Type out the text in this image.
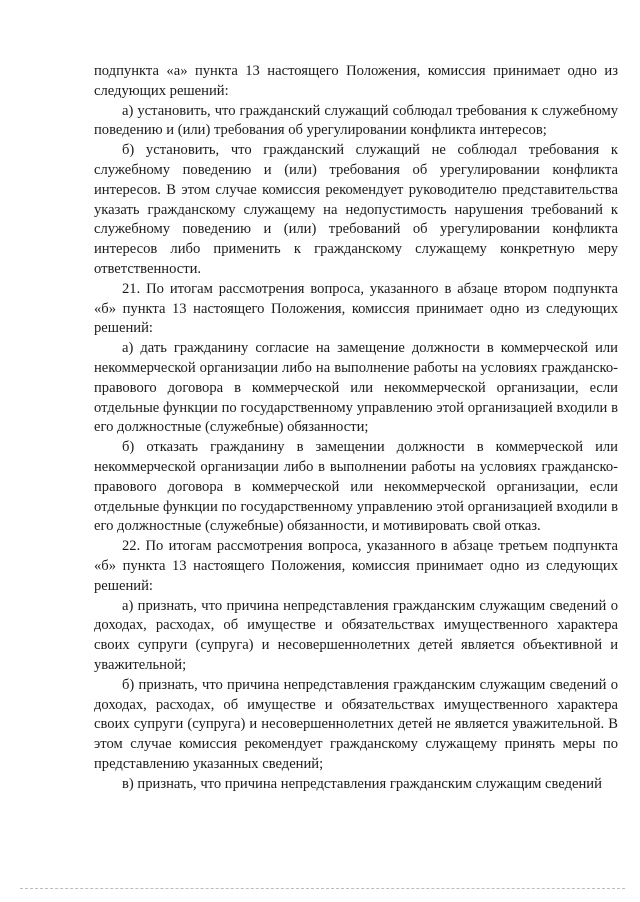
подпункта «а» пункта 13 настоящего Положения, комиссия принимает одно из следующих решений:

а) установить, что гражданский служащий соблюдал требования к служебному поведению и (или) требования об урегулировании конфликта интересов;

б) установить, что гражданский служащий не соблюдал требования к служебному поведению и (или) требования об урегулировании конфликта интересов. В этом случае комиссия рекомендует руководителю представительства указать гражданскому служащему на недопустимость нарушения требований к служебному поведению и (или) требований об урегулировании конфликта интересов либо применить к гражданскому служащему конкретную меру ответственности.

21. По итогам рассмотрения вопроса, указанного в абзаце втором подпункта «б» пункта 13 настоящего Положения, комиссия принимает одно из следующих решений:

а) дать гражданину согласие на замещение должности в коммерческой или некоммерческой организации либо на выполнение работы на условиях гражданско-правового договора в коммерческой или некоммерческой организации, если отдельные функции по государственному управлению этой организацией входили в его должностные (служебные) обязанности;

б) отказать гражданину в замещении должности в коммерческой или некоммерческой организации либо в выполнении работы на условиях гражданско-правового договора в коммерческой или некоммерческой организации, если отдельные функции по государственному управлению этой организацией входили в его должностные (служебные) обязанности, и мотивировать свой отказ.

22. По итогам рассмотрения вопроса, указанного в абзаце третьем подпункта «б» пункта 13 настоящего Положения, комиссия принимает одно из следующих решений:

а) признать, что причина непредставления гражданским служащим сведений о доходах, расходах, об имуществе и обязательствах имущественного характера своих супруги (супруга) и несовершеннолетних детей является объективной и уважительной;

б) признать, что причина непредставления гражданским служащим сведений о доходах, расходах, об имуществе и обязательствах имущественного характера своих супруги (супруга) и несовершеннолетних детей не является уважительной. В этом случае комиссия рекомендует гражданскому служащему принять меры по представлению указанных сведений;

в) признать, что причина непредставления гражданским служащим сведений
